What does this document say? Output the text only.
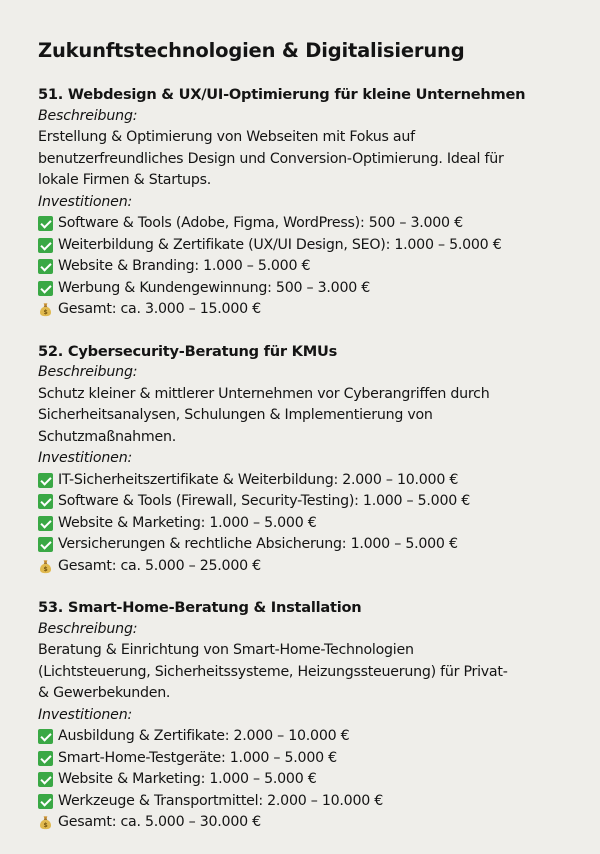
Zukunftstechnologien & Digitalisierung
51. Webdesign & UX/UI-Optimierung für kleine Unternehmen

Beschreibung:

Erstellung & Optimierung von Webseiten mit Fokus auf

benutzerfreundliches Design und Conversion-Optimierung. Ideal für

lokale Firmen & Startups.

Investitionen:

Software & Tools (Adobe, Figma, WordPress): 500 – 3.000 €
Weiterbildung & Zertifikate (UX/UI Design, SEO): 1.000 – 5.000 €
Website & Branding: 1.000 – 5.000 €
Werbung & Kundengewinnung: 500 – 3.000 €
$ Gesamt: ca. 3.000 – 15.000 €
52. Cybersecurity-Beratung für KMUs

Beschreibung:

Schutz kleiner & mittlerer Unternehmen vor Cyberangriffen durch

Sicherheitsanalysen, Schulungen & Implementierung von

Schutzmaßnahmen.

Investitionen:

IT-Sicherheitszertifikate & Weiterbildung: 2.000 – 10.000 €
Software & Tools (Firewall, Security-Testing): 1.000 – 5.000 €
Website & Marketing: 1.000 – 5.000 €
Versicherungen & rechtliche Absicherung: 1.000 – 5.000 €
$ Gesamt: ca. 5.000 – 25.000 €
53. Smart-Home-Beratung & Installation

Beschreibung:

Beratung & Einrichtung von Smart-Home-Technologien

(Lichtsteuerung, Sicherheitssysteme, Heizungssteuerung) für Privat-

& Gewerbekunden.

Investitionen:

Ausbildung & Zertifikate: 2.000 – 10.000 €
Smart-Home-Testgeräte: 1.000 – 5.000 €
Website & Marketing: 1.000 – 5.000 €
Werkzeuge & Transportmittel: 2.000 – 10.000 €
$ Gesamt: ca. 5.000 – 30.000 €
